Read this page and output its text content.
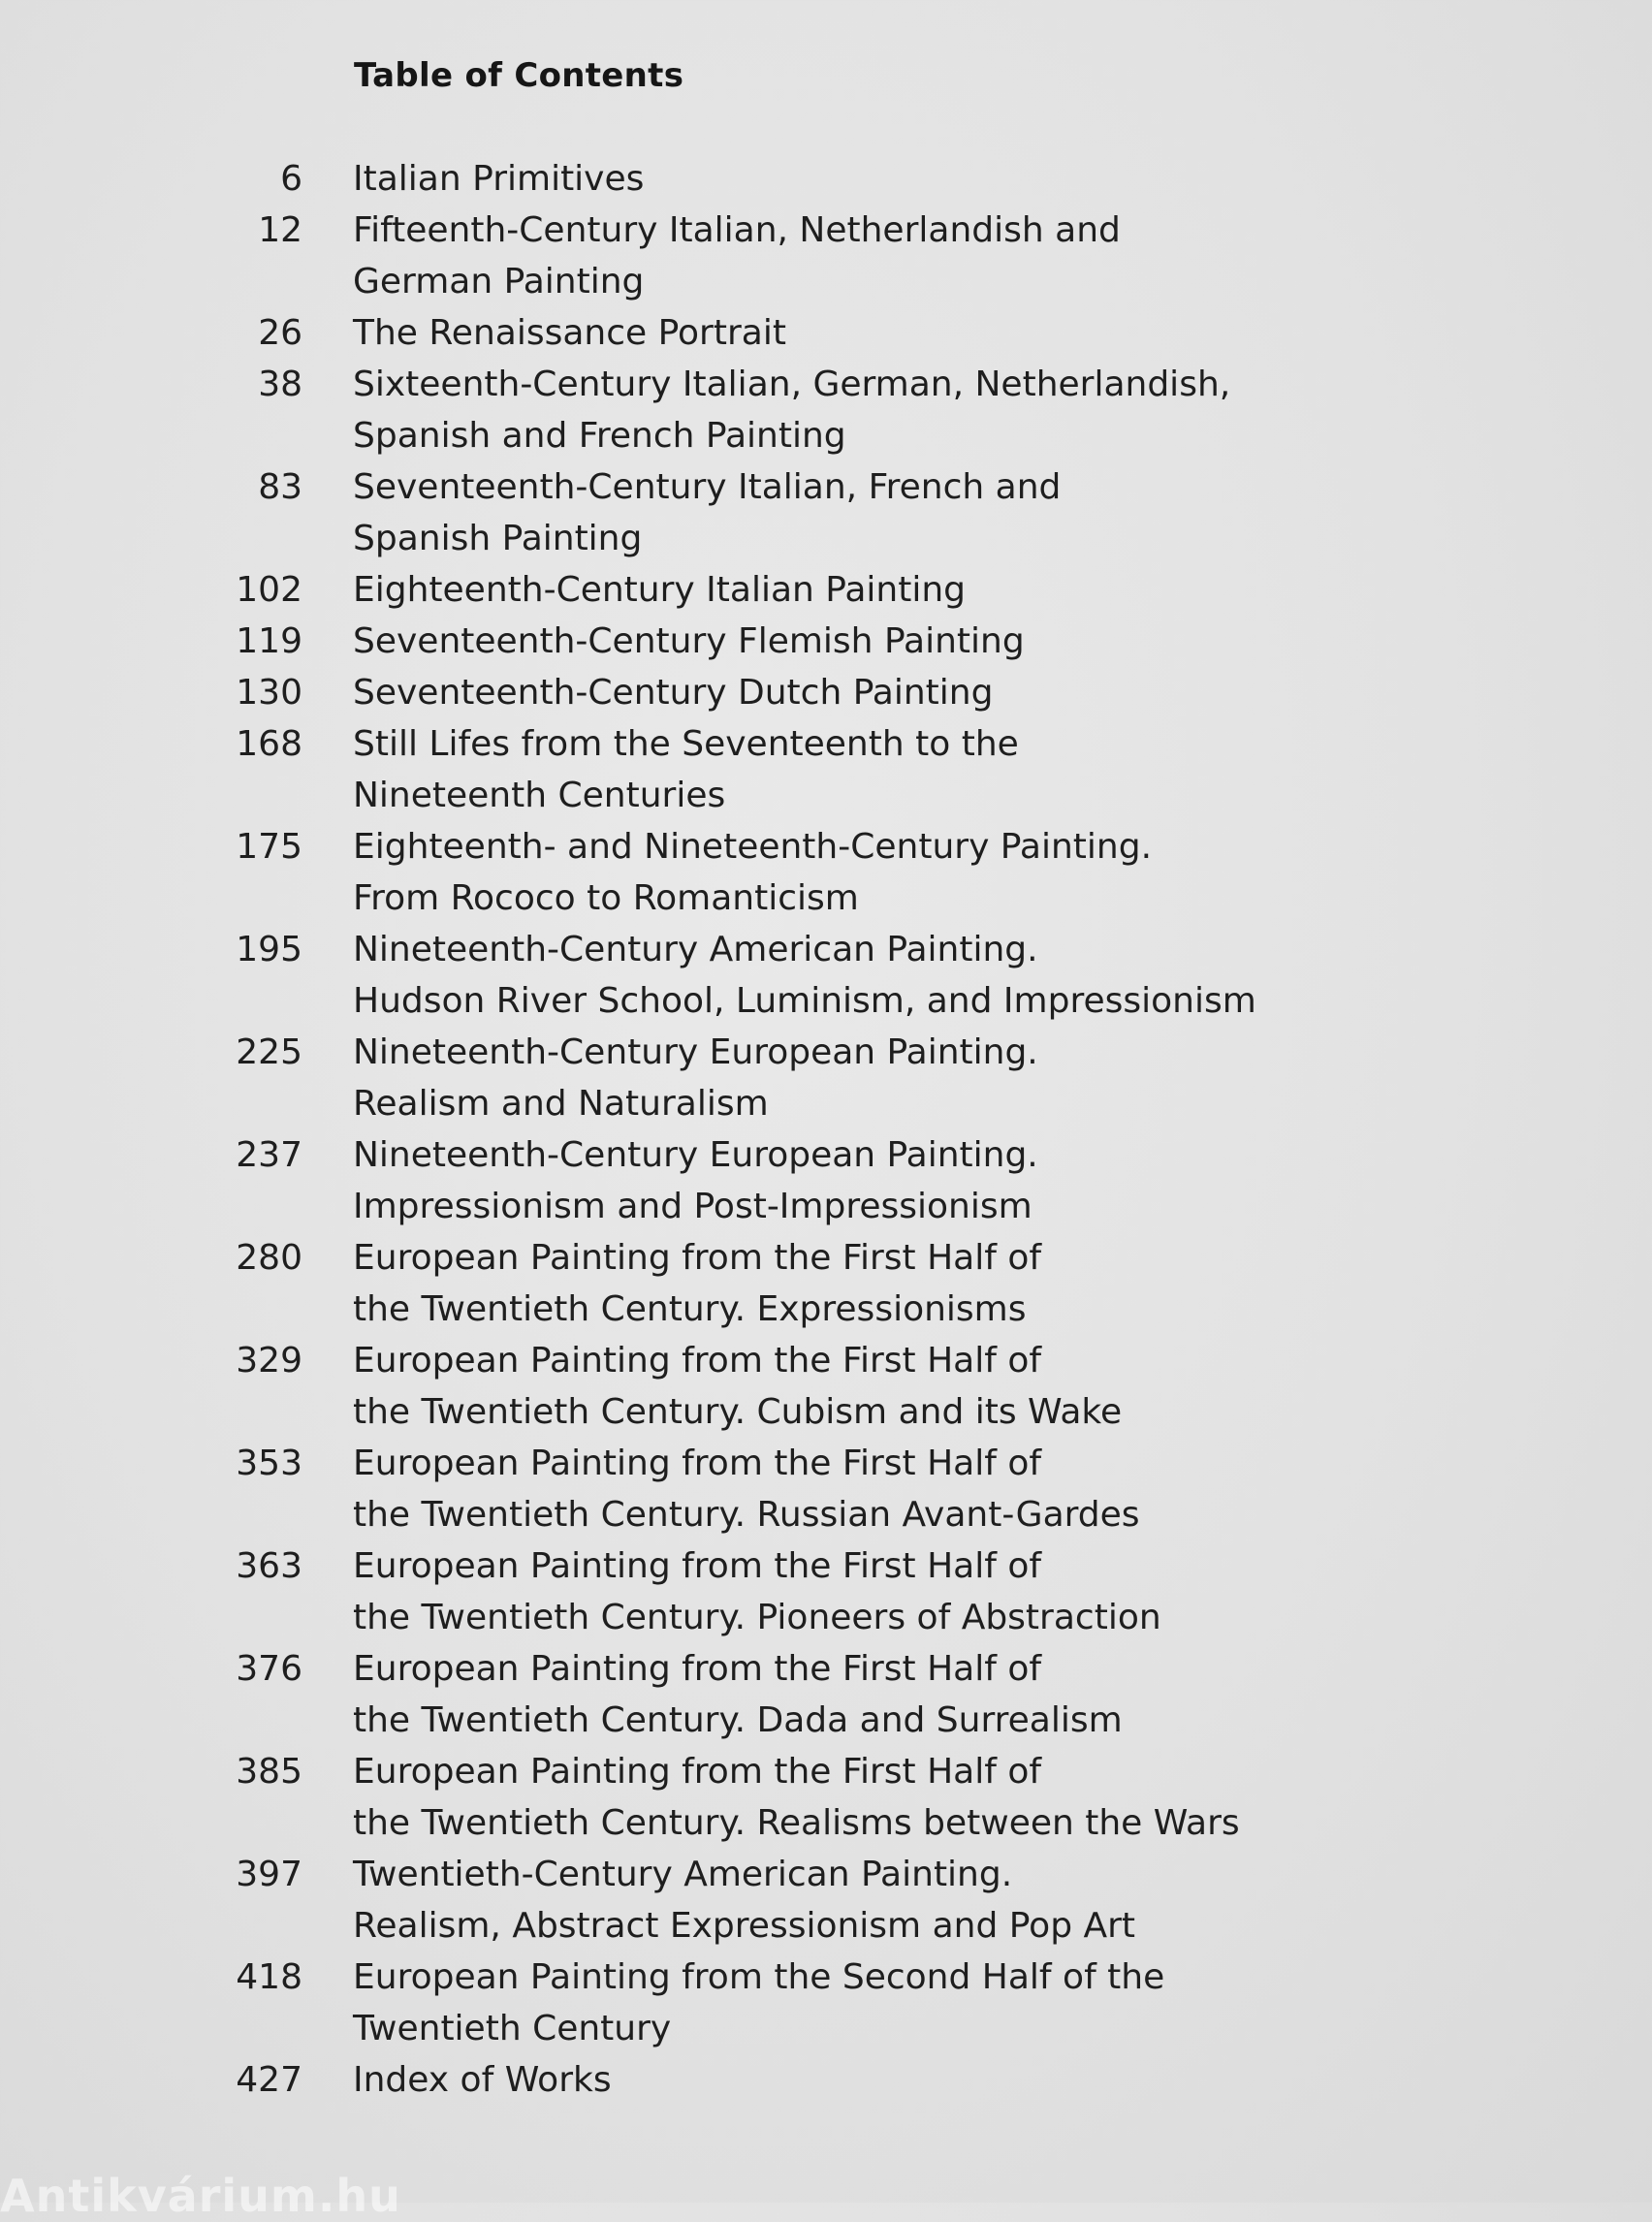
Table of Contents
6 Italian Primitives
12 Fifteenth-Century Italian, Netherlandish and
German Painting
26 The Renaissance Portrait
38 Sixteenth-Century Italian, German, Netherlandish,
Spanish and French Painting
83 Seventeenth-Century Italian, French and
Spanish Painting
102 Eighteenth-Century Italian Painting
119 Seventeenth-Century Flemish Painting
130 Seventeenth-Century Dutch Painting
168 Still Lifes from the Seventeenth to the
Nineteenth Centuries
175 Eighteenth- and Nineteenth-Century Painting.
From Rococo to Romanticism
195 Nineteenth-Century American Painting.
Hudson River School, Luminism, and Impressionism
225 Nineteenth-Century European Painting.
Realism and Naturalism
237 Nineteenth-Century European Painting.
Impressionism and Post-Impressionism
280 European Painting from the First Half of
the Twentieth Century. Expressionisms
329 European Painting from the First Half of
the Twentieth Century. Cubism and its Wake
353 European Painting from the First Half of
the Twentieth Century. Russian Avant-Gardes
363 European Painting from the First Half of
the Twentieth Century. Pioneers of Abstraction
376 European Painting from the First Half of
the Twentieth Century. Dada and Surrealism
385 European Painting from the First Half of
the Twentieth Century. Realisms between the Wars
397 Twentieth-Century American Painting.
Realism, Abstract Expressionism and Pop Art
418 European Painting from the Second Half of the
Twentieth Century
427 Index of Works
Antikvárium.hu
